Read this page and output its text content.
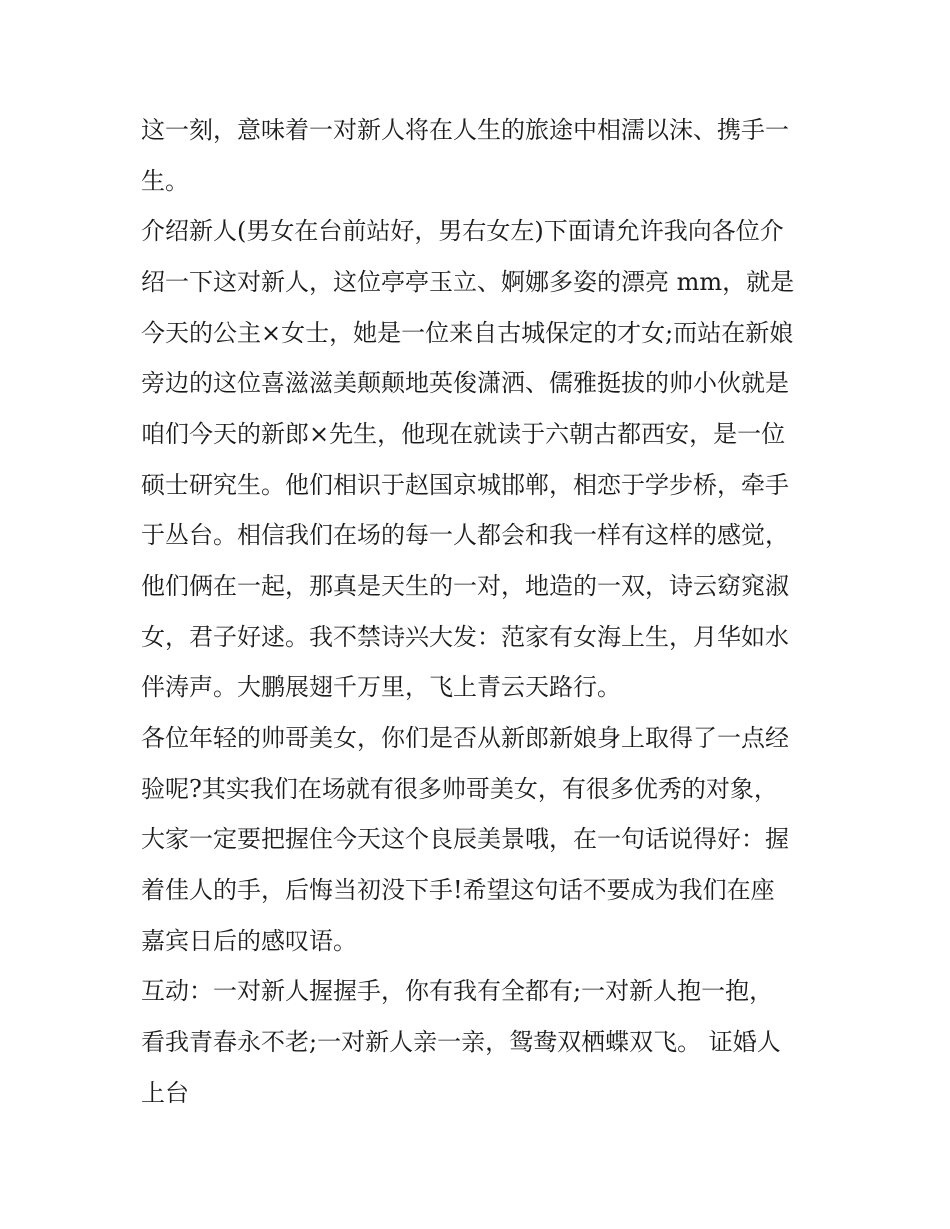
这一刻，意味着一对新人将在人生的旅途中相濡以沫、携手一

生。

介绍新人(男女在台前站好，男右女左)下面请允许我向各位介

绍一下这对新人，这位亭亭玉立、婀娜多姿的漂亮 mm，就是

今天的公主×女士，她是一位来自古城保定的才女;而站在新娘

旁边的这位喜滋滋美颠颠地英俊潇洒、儒雅挺拔的帅小伙就是

咱们今天的新郎×先生，他现在就读于六朝古都西安，是一位

硕士研究生。他们相识于赵国京城邯郸，相恋于学步桥，牵手

于丛台。相信我们在场的每一人都会和我一样有这样的感觉，

他们俩在一起，那真是天生的一对，地造的一双，诗云窈窕淑

女，君子好逑。我不禁诗兴大发：范家有女海上生，月华如水

伴涛声。大鹏展翅千万里，飞上青云天路行。

各位年轻的帅哥美女，你们是否从新郎新娘身上取得了一点经

验呢?其实我们在场就有很多帅哥美女，有很多优秀的对象，

大家一定要把握住今天这个良辰美景哦，在一句话说得好：握

着佳人的手，后悔当初没下手!希望这句话不要成为我们在座

嘉宾日后的感叹语。

互动：一对新人握握手，你有我有全都有;一对新人抱一抱，

看我青春永不老;一对新人亲一亲，鸳鸯双栖蝶双飞。 证婚人

上台
